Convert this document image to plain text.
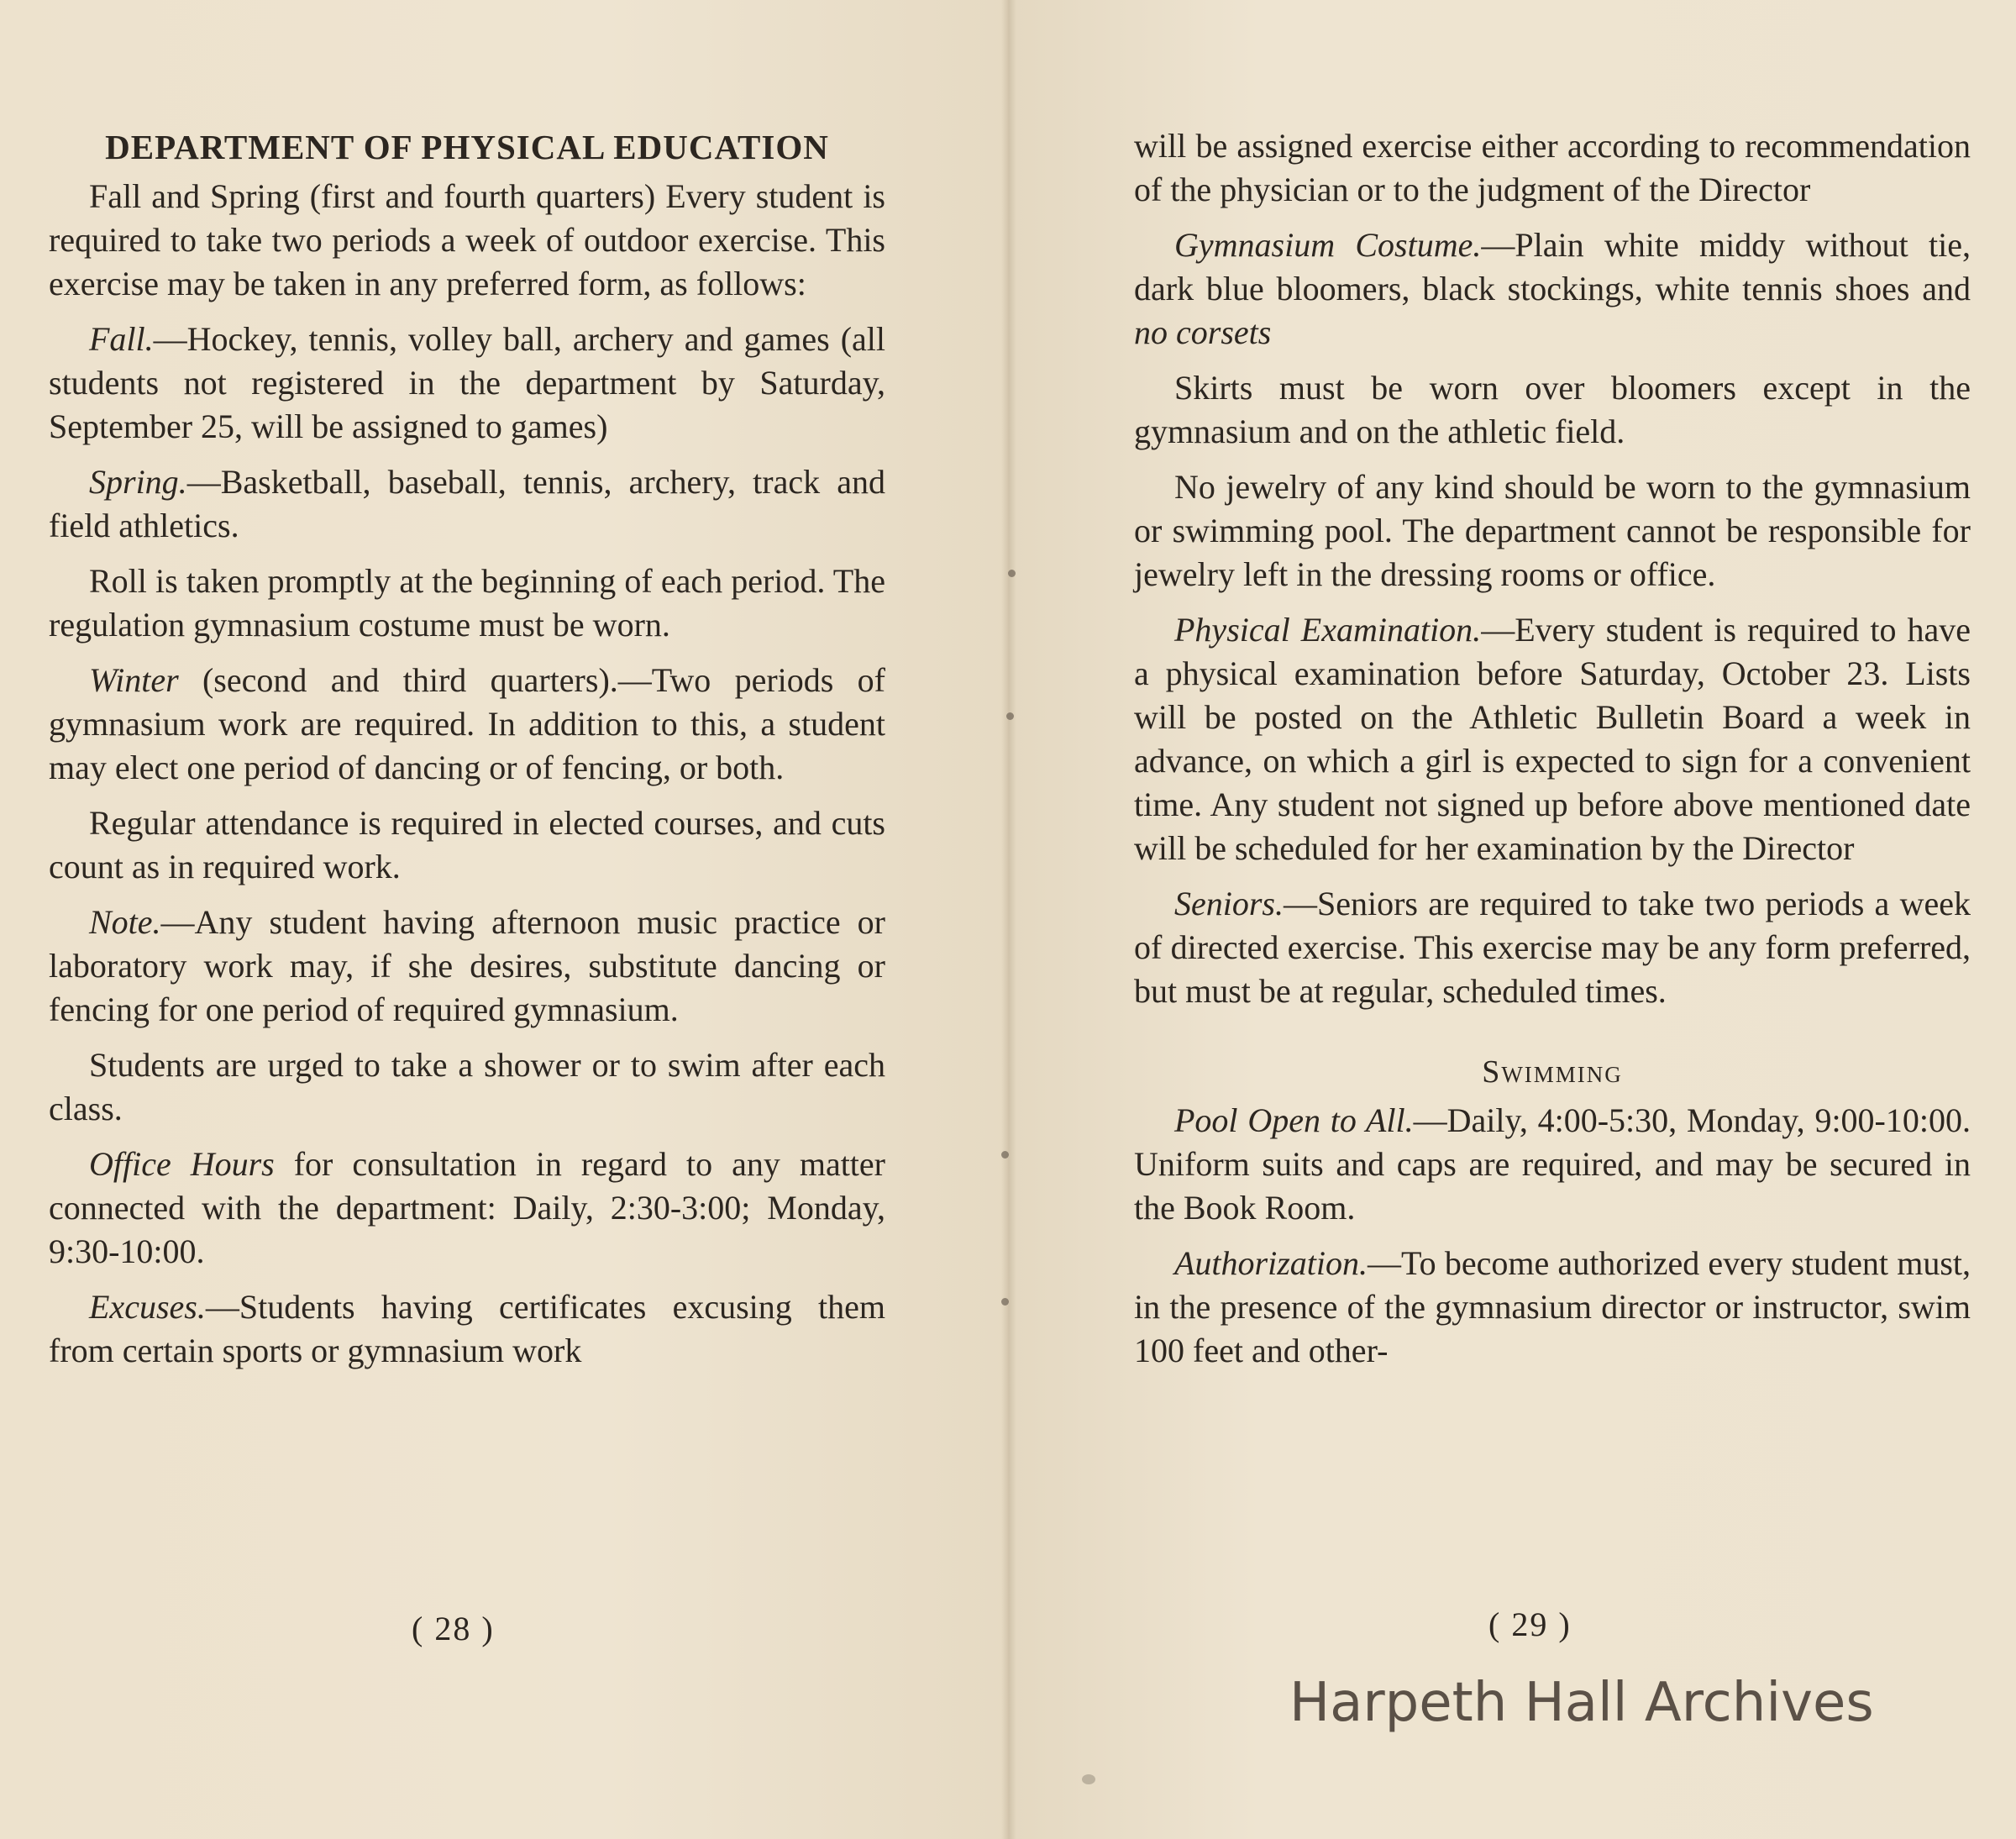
DEPARTMENT OF PHYSICAL EDUCATION

Fall and Spring (first and fourth quarters) Every student is required to take two periods a week of outdoor exercise. This exercise may be taken in any preferred form, as follows:

Fall.—Hockey, tennis, volley ball, archery and games (all students not registered in the department by Saturday, September 25, will be assigned to games)

Spring.—Basketball, baseball, tennis, archery, track and field athletics.

Roll is taken promptly at the beginning of each period. The regulation gymnasium costume must be worn.

Winter (second and third quarters).—Two periods of gymnasium work are required. In addition to this, a student may elect one period of dancing or of fencing, or both.

Regular attendance is required in elected courses, and cuts count as in required work.

Note.—Any student having afternoon music practice or laboratory work may, if she desires, substitute dancing or fencing for one period of required gymnasium.

Students are urged to take a shower or to swim after each class.

Office Hours for consultation in regard to any matter connected with the department: Daily, 2:30-3:00; Monday, 9:30-10:00.

Excuses.—Students having certificates excusing them from certain sports or gymnasium work

( 28 )

will be assigned exercise either according to recommendation of the physician or to the judgment of the Director

Gymnasium Costume.—Plain white middy without tie, dark blue bloomers, black stockings, white tennis shoes and no corsets

Skirts must be worn over bloomers except in the gymnasium and on the athletic field.

No jewelry of any kind should be worn to the gymnasium or swimming pool. The department cannot be responsible for jewelry left in the dressing rooms or office.

Physical Examination.—Every student is required to have a physical examination before Saturday, October 23. Lists will be posted on the Athletic Bulletin Board a week in advance, on which a girl is expected to sign for a convenient time. Any student not signed up before above mentioned date will be scheduled for her examination by the Director

Seniors.—Seniors are required to take two periods a week of directed exercise. This exercise may be any form preferred, but must be at regular, scheduled times.

Swimming

Pool Open to All.—Daily, 4:00-5:30, Monday, 9:00-10:00. Uniform suits and caps are required, and may be secured in the Book Room.

Authorization.—To become authorized every student must, in the presence of the gymnasium director or instructor, swim 100 feet and other-

( 29 )
Harpeth Hall Archives
